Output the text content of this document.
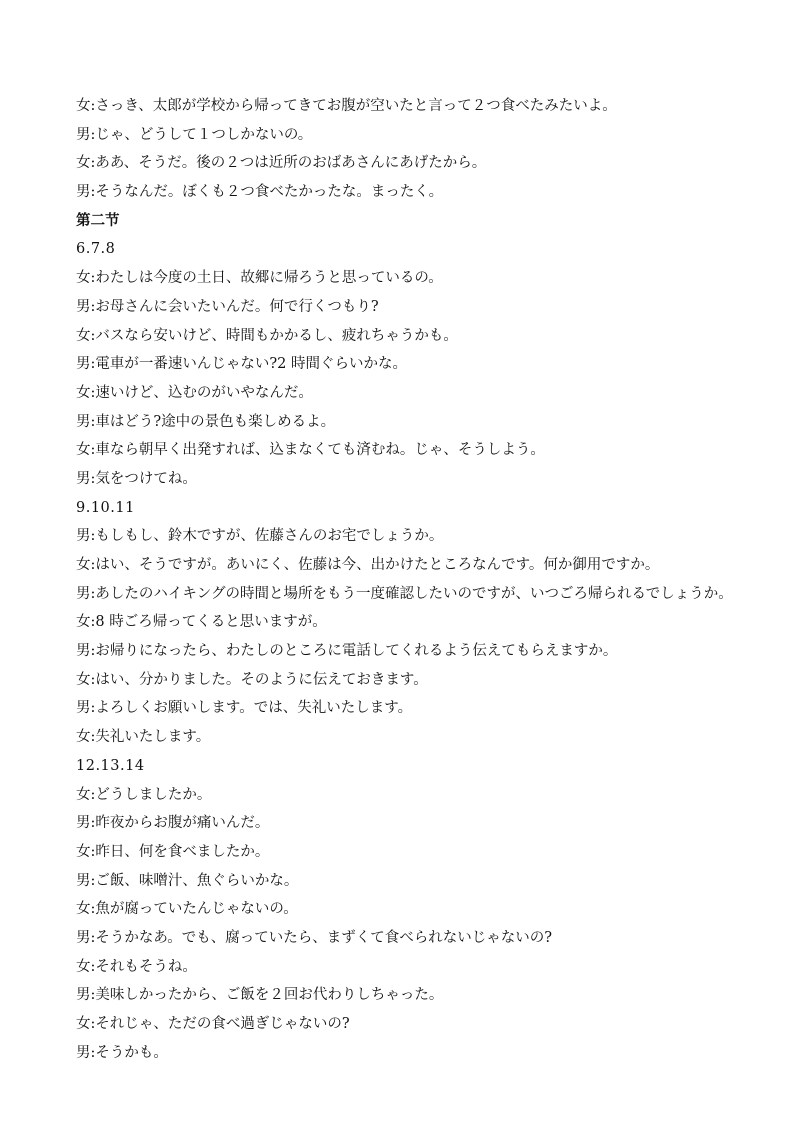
女:さっき、太郎が学校から帰ってきてお腹が空いたと言って２つ食べたみたいよ。
男:じゃ、どうして１つしかないの。
女:ああ、そうだ。後の２つは近所のおばあさんにあげたから。
男:そうなんだ。ぼくも２つ食べたかったな。まったく。
第二节
6.7.8
女:わたしは今度の土日、故郷に帰ろうと思っているの。
男:お母さんに会いたいんだ。何で行くつもり?
女:バスなら安いけど、時間もかかるし、疲れちゃうかも。
男:電車が一番速いんじゃない?2 時間ぐらいかな。
女:速いけど、込むのがいやなんだ。
男:車はどう?途中の景色も楽しめるよ。
女:車なら朝早く出発すれば、込まなくても済むね。じゃ、そうしよう。
男:気をつけてね。
9.10.11
男:もしもし、鈴木ですが、佐藤さんのお宅でしょうか。
女:はい、そうですが。あいにく、佐藤は今、出かけたところなんです。何か御用ですか。
男:あしたのハイキングの時間と場所をもう一度確認したいのですが、いつごろ帰られるでしょうか。
女:8 時ごろ帰ってくると思いますが。
男:お帰りになったら、わたしのところに電話してくれるよう伝えてもらえますか。
女:はい、分かりました。そのように伝えておきます。
男:よろしくお願いします。では、失礼いたします。
女:失礼いたします。
12.13.14
女:どうしましたか。
男:昨夜からお腹が痛いんだ。
女:昨日、何を食べましたか。
男:ご飯、味噌汁、魚ぐらいかな。
女:魚が腐っていたんじゃないの。
男:そうかなあ。でも、腐っていたら、まずくて食べられないじゃないの?
女:それもそうね。
男:美味しかったから、ご飯を２回お代わりしちゃった。
女:それじゃ、ただの食べ過ぎじゃないの?
男:そうかも。
